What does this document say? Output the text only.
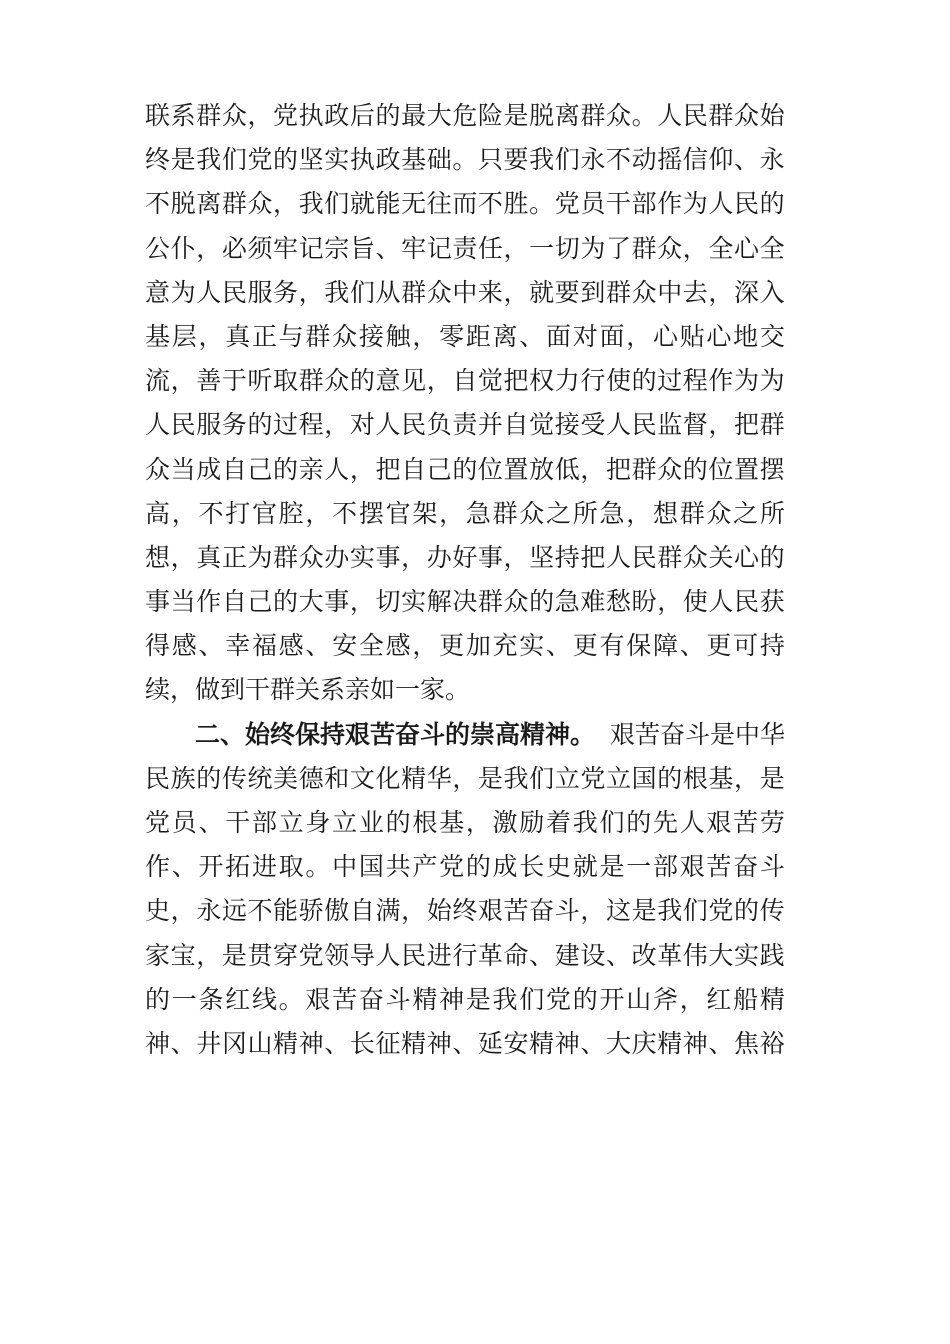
联 系 群 众 ， 党 执 政 后 的 最 大 危 险 是 脱 离 群 众 。 人 民 群 众 始
终 是 我 们 党 的 坚 实 执 政 基 础 。 只 要 我 们 永 不 动 摇 信 仰 、 永
不 脱 离 群 众 ， 我 们 就 能 无 往 而 不 胜 。 党 员 干 部 作 为 人 民 的
公 仆 ， 必 须 牢 记 宗 旨 、 牢 记 责 任 ， 一 切 为 了 群 众 ， 全 心 全
意 为 人 民 服 务 ， 我 们 从 群 众 中 来 ， 就 要 到 群 众 中 去 ， 深 入
基 层 ， 真 正 与 群 众 接 触 ， 零 距 离 、 面 对 面 ， 心 贴 心 地 交
流 ， 善 于 听 取 群 众 的 意 见 ， 自 觉 把 权 力 行 使 的 过 程 作 为 为
人 民 服 务 的 过 程 ， 对 人 民 负 责 并 自 觉 接 受 人 民 监 督 ， 把 群
众 当 成 自 己 的 亲 人 ， 把 自 己 的 位 置 放 低 ， 把 群 众 的 位 置 摆
高 ， 不 打 官 腔 ， 不 摆 官 架 ， 急 群 众 之 所 急 ， 想 群 众 之 所
想 ， 真 正 为 群 众 办 实 事 ， 办 好 事 ， 坚 持 把 人 民 群 众 关 心 的
事 当 作 自 己 的 大 事 ， 切 实 解 决 群 众 的 急 难 愁 盼 ， 使 人 民 获
得 感 、 幸 福 感 、 安 全 感 ， 更 加 充 实 、 更 有 保 障 、 更 可 持
续，做到干群关系亲如一家。
二、始终保持艰苦奋斗的崇高精神。 艰苦奋斗是中华
民 族 的 传 统 美 德 和 文 化 精 华 ， 是 我 们 立 党 立 国 的 根 基 ， 是
党 员 、 干 部 立 身 立 业 的 根 基 ， 激 励 着 我 们 的 先 人 艰 苦 劳
作 、 开 拓 进 取 。 中 国 共 产 党 的 成 长 史 就 是 一 部 艰 苦 奋 斗
史 ， 永 远 不 能 骄 傲 自 满 ， 始 终 艰 苦 奋 斗 ， 这 是 我 们 党 的 传
家 宝 ， 是 贯 穿 党 领 导 人 民 进 行 革 命 、 建 设 、 改 革 伟 大 实 践
的 一 条 红 线 。 艰 苦 奋 斗 精 神 是 我 们 党 的 开 山 斧 ， 红 船 精
神 、 井 冈 山 精 神 、 长 征 精 神 、 延 安 精 神 、 大 庆 精 神 、 焦 裕
